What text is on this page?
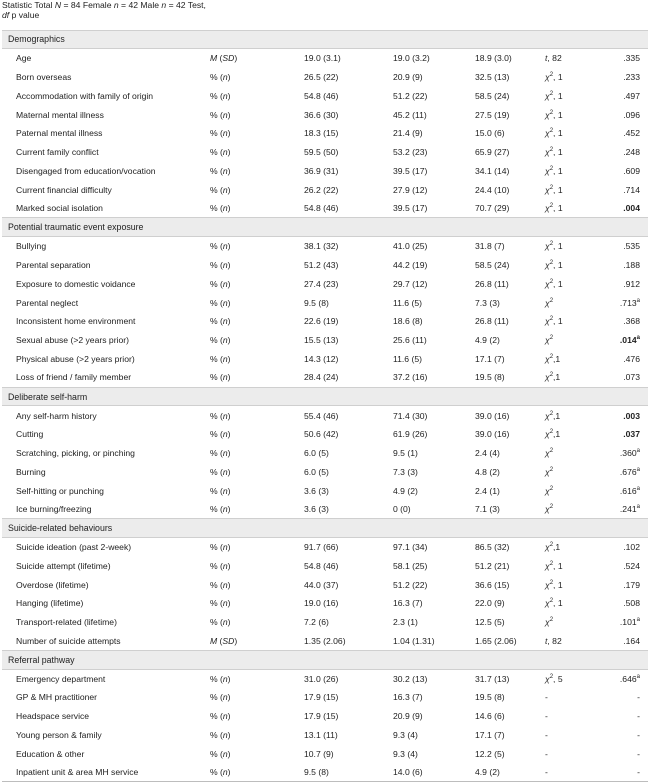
Statistic Total N = 84 Female n = 42 Male n = 42 Test, df p value
Demographics						
Age	M (SD)	19.0 (3.1)	19.0 (3.2)	18.9 (3.0)	t, 82	.335
Born overseas	% (n)	26.5 (22)	20.9 (9)	32.5 (13)	$\chi^2$, 1	.233
Accommodation with family of origin	% (n)	54.8 (46)	51.2 (22)	58.5 (24)	$\chi^2$, 1	.497
Maternal mental illness	% (n)	36.6 (30)	45.2 (11)	27.5 (19)	$\chi^2$, 1	.096
Paternal mental illness	% (n)	18.3 (15)	21.4 (9)	15.0 (6)	$\chi^2$, 1	.452
Current family conflict	% (n)	59.5 (50)	53.2 (23)	65.9 (27)	$\chi^2$, 1	.248
Disengaged from education/vocation	% (n)	36.9 (31)	39.5 (17)	34.1 (14)	$\chi^2$, 1	.609
Current financial difficulty	% (n)	26.2 (22)	27.9 (12)	24.4 (10)	$\chi^2$, 1	.714
Marked social isolation	% (n)	54.8 (46)	39.5 (17)	70.7 (29)	$\chi^2$, 1	.004
Potential traumatic event exposure						
Bullying	% (n)	38.1 (32)	41.0 (25)	31.8 (7)	$\chi^2$, 1	.535
Parental separation	% (n)	51.2 (43)	44.2 (19)	58.5 (24)	$\chi^2$, 1	.188
Exposure to domestic voidance	% (n)	27.4 (23)	29.7 (12)	26.8 (11)	$\chi^2$, 1	.912
Parental neglect	% (n)	9.5 (8)	11.6 (5)	7.3 (3)	$\chi^2$	.713$^a$
Inconsistent home environment	% (n)	22.6 (19)	18.6 (8)	26.8 (11)	$\chi^2$, 1	.368
Sexual abuse (>2 years prior)	% (n)	15.5 (13)	25.6 (11)	4.9 (2)	$\chi^2$	.014$^a$
Physical abuse (>2 years prior)	% (n)	14.3 (12)	11.6 (5)	17.1 (7)	$\chi^2,1$	.476
Loss of friend / family member	% (n)	28.4 (24)	37.2 (16)	19.5 (8)	$\chi^2,1$	.073
Deliberate self-harm						
Any self-harm history	% (n)	55.4 (46)	71.4 (30)	39.0 (16)	$\chi^2,1$	.003
Cutting	% (n)	50.6 (42)	61.9 (26)	39.0 (16)	$\chi^2,1$	.037
Scratching, picking, or pinching	% (n)	6.0 (5)	9.5 (1)	2.4 (4)	$\chi^2$	.360$^a$
Burning	% (n)	6.0 (5)	7.3 (3)	4.8 (2)	$\chi^2$	.676$^a$
Self-hitting or punching	% (n)	3.6 (3)	4.9 (2)	2.4 (1)	$\chi^2$	.616$^a$
Ice burning/freezing	% (n)	3.6 (3)	0 (0)	7.1 (3)	$\chi^2$	.241$^a$
Suicide-related behaviours						
Suicide ideation (past 2-week)	% (n)	91.7 (66)	97.1 (34)	86.5 (32)	$\chi^2,1$	.102
Suicide attempt (lifetime)	% (n)	54.8 (46)	58.1 (25)	51.2 (21)	$\chi^2$, 1	.524
Overdose (lifetime)	% (n)	44.0 (37)	51.2 (22)	36.6 (15)	$\chi^2$, 1	.179
Hanging (lifetime)	% (n)	19.0 (16)	16.3 (7)	22.0 (9)	$\chi^2$, 1	.508
Transport-related (lifetime)	% (n)	7.2 (6)	2.3 (1)	12.5 (5)	$\chi^2$	.101$^a$
Number of suicide attempts	M (SD)	1.35 (2.06)	1.04 (1.31)	1.65 (2.06)	t, 82	.164
Referral pathway						
Emergency department	% (n)	31.0 (26)	30.2 (13)	31.7 (13)	$\chi^2$, 5	.646$^a$
GP & MH practitioner	% (n)	17.9 (15)	16.3 (7)	19.5 (8)	-	-
Headspace service	% (n)	17.9 (15)	20.9 (9)	14.6 (6)	-	-
Young person & family	% (n)	13.1 (11)	9.3 (4)	17.1 (7)	-	-
Education & other	% (n)	10.7 (9)	9.3 (4)	12.2 (5)	-	-
Inpatient unit & area MH service	% (n)	9.5 (8)	14.0 (6)	4.9 (2)	-	-
